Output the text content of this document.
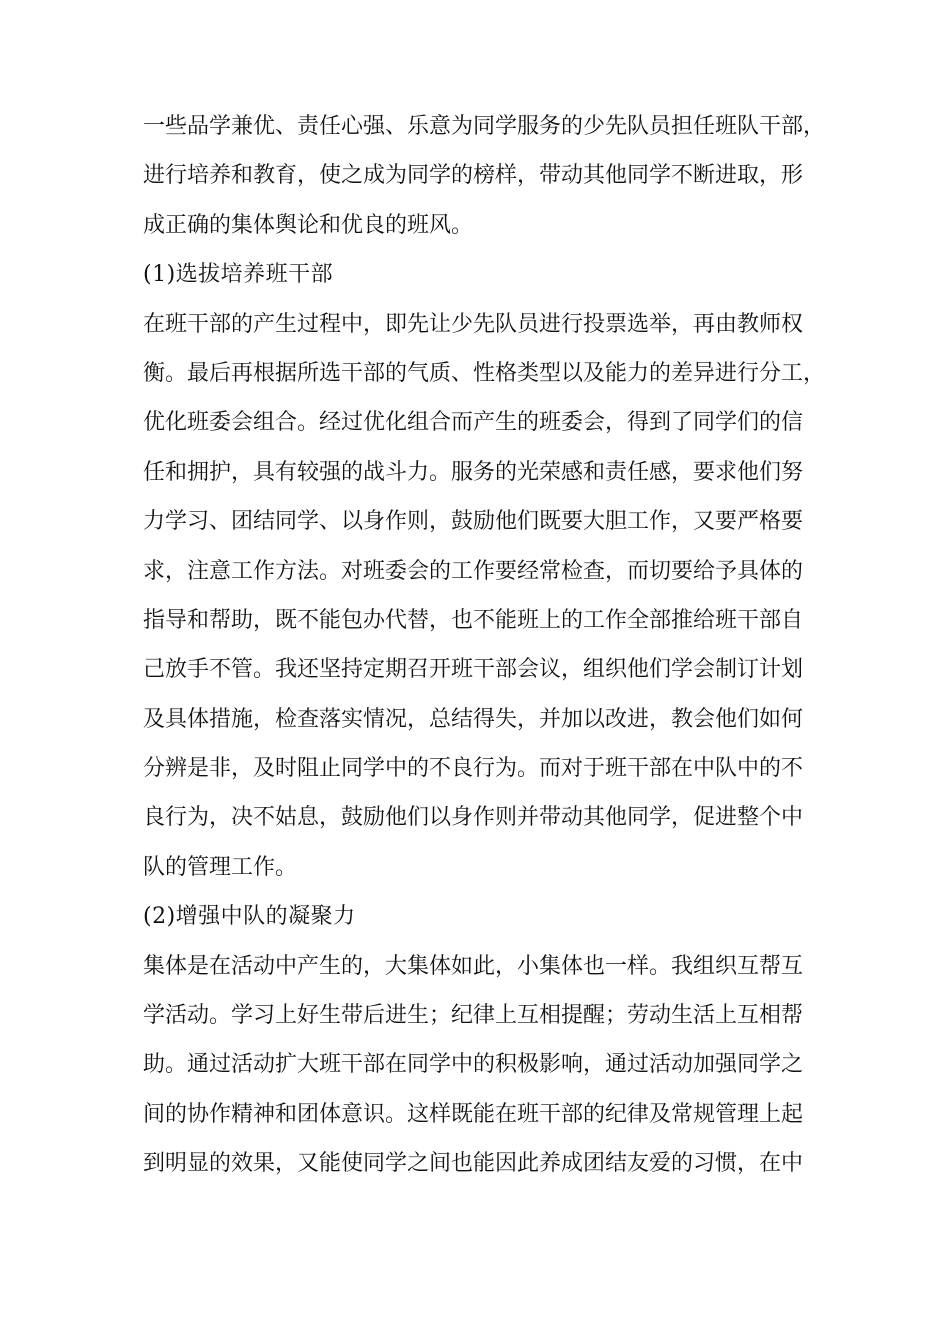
一些品学兼优、责任心强、乐意为同学服务的少先队员担任班队干部，
进行培养和教育，使之成为同学的榜样，带动其他同学不断进取，形
成正确的集体舆论和优良的班风。
(1)选拔培养班干部
在班干部的产生过程中，即先让少先队员进行投票选举，再由教师权
衡。最后再根据所选干部的气质、性格类型以及能力的差异进行分工，
优化班委会组合。经过优化组合而产生的班委会，得到了同学们的信
任和拥护，具有较强的战斗力。服务的光荣感和责任感，要求他们努
力学习、团结同学、以身作则，鼓励他们既要大胆工作，又要严格要
求，注意工作方法。对班委会的工作要经常检查，而切要给予具体的
指导和帮助，既不能包办代替，也不能班上的工作全部推给班干部自
己放手不管。我还坚持定期召开班干部会议，组织他们学会制订计划
及具体措施，检查落实情况，总结得失，并加以改进，教会他们如何
分辨是非，及时阻止同学中的不良行为。而对于班干部在中队中的不
良行为，决不姑息，鼓励他们以身作则并带动其他同学，促进整个中
队的管理工作。
(2)增强中队的凝聚力
集体是在活动中产生的，大集体如此，小集体也一样。我组织互帮互
学活动。学习上好生带后进生；纪律上互相提醒；劳动生活上互相帮
助。通过活动扩大班干部在同学中的积极影响，通过活动加强同学之
间的协作精神和团体意识。这样既能在班干部的纪律及常规管理上起
到明显的效果，又能使同学之间也能因此养成团结友爱的习惯，在中
